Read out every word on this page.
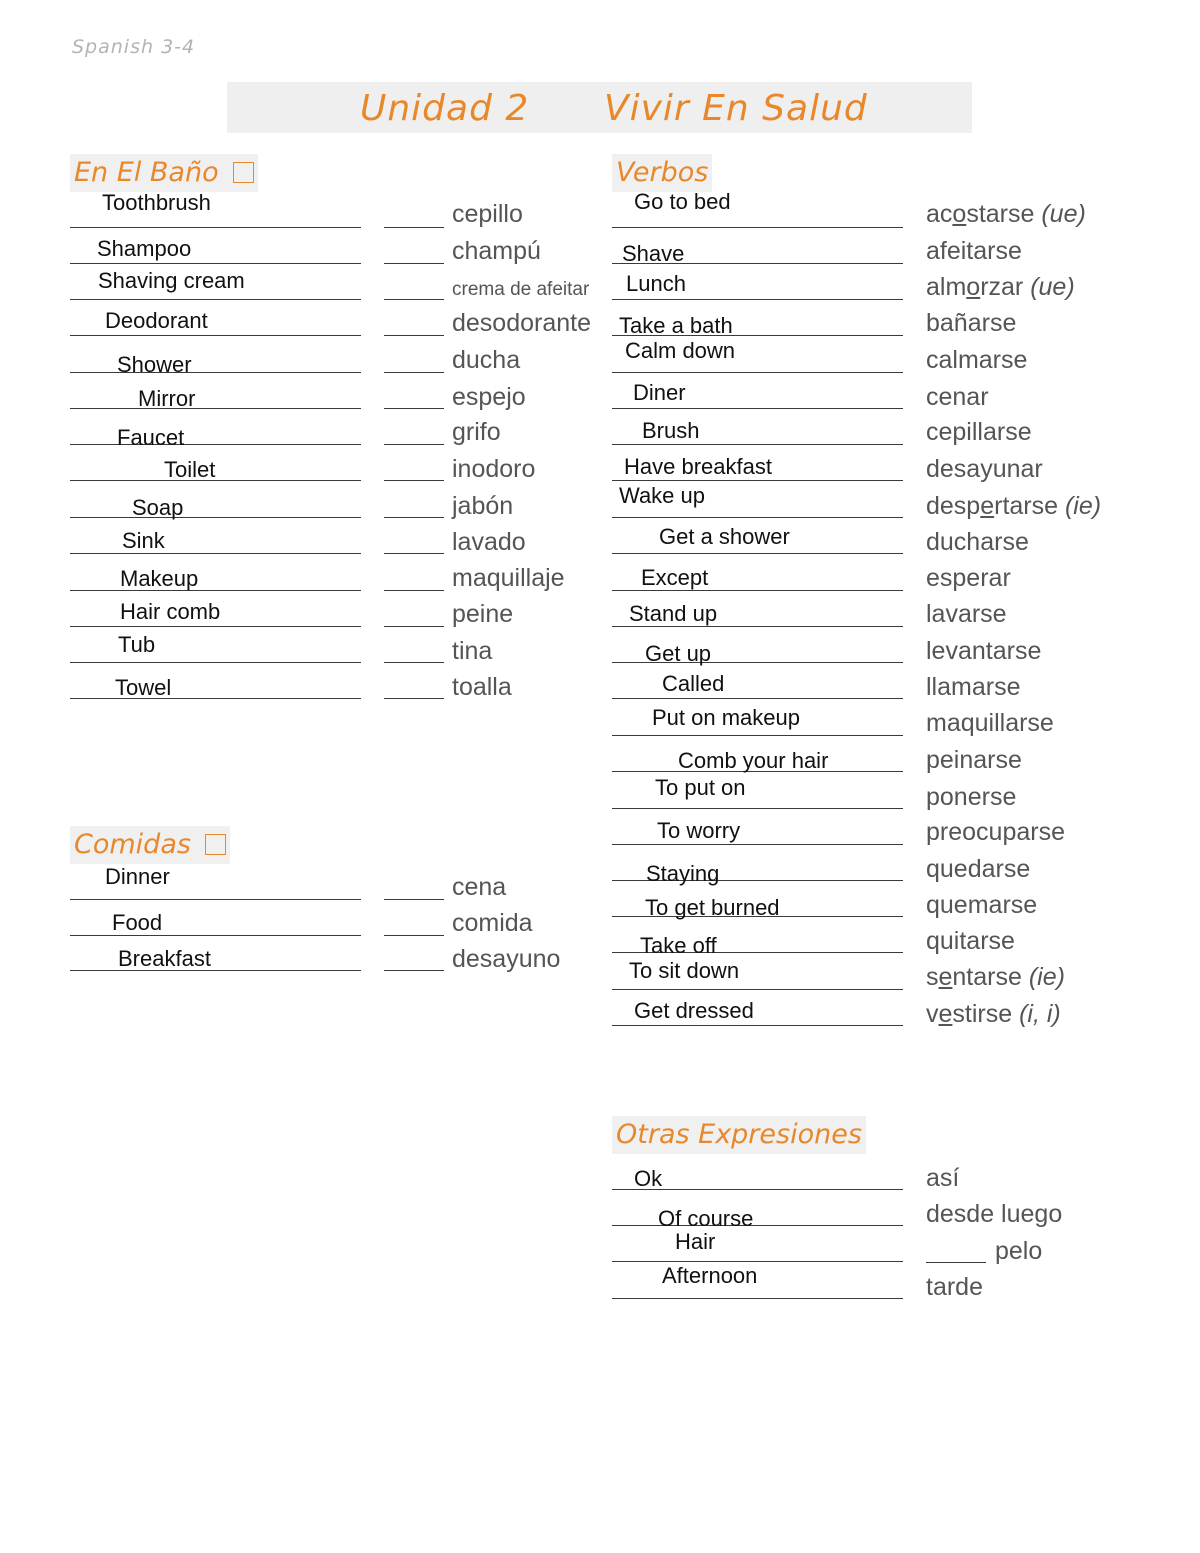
Spanish 3-4
Unidad 2 Vivir En Salud
En El Baño	Verbos
Comidas
Otras Expresiones
Toothbrush	cepillo
Shampoo	champú
Shaving cream	crema de afeitar
Deodorant	desodorante
Shower	ducha
Mirror	espejo
Faucet	grifo
Toilet	inodoro
Soap	jabón
Sink	lavado
Makeup	maquillaje
Hair comb	peine
Tub	tina
Towel	toalla
Dinner	cena
Food	comida
Breakfast	desayuno
Go to bed	acostarse (ue)
Shave	afeitarse
Lunch	almorzar (ue)
Take a bath	bañarse
Calm down	calmarse
Diner	cenar
Brush	cepillarse
Have breakfast	desayunar
Wake up	despertarse (ie)
Get a shower	ducharse
Except	esperar
Stand up	lavarse
Get up	levantarse
Called	llamarse
Put on makeup	maquillarse
Comb your hair	peinarse
To put on	ponerse
To worry	preocuparse
Staying	quedarse
To get burned	quemarse
Take off	quitarse
To sit down	sentarse (ie)
Get dressed	vestirse (i, i)
Ok	así
Of course	desde luego
Hair	pelo
Afternoon	tarde
